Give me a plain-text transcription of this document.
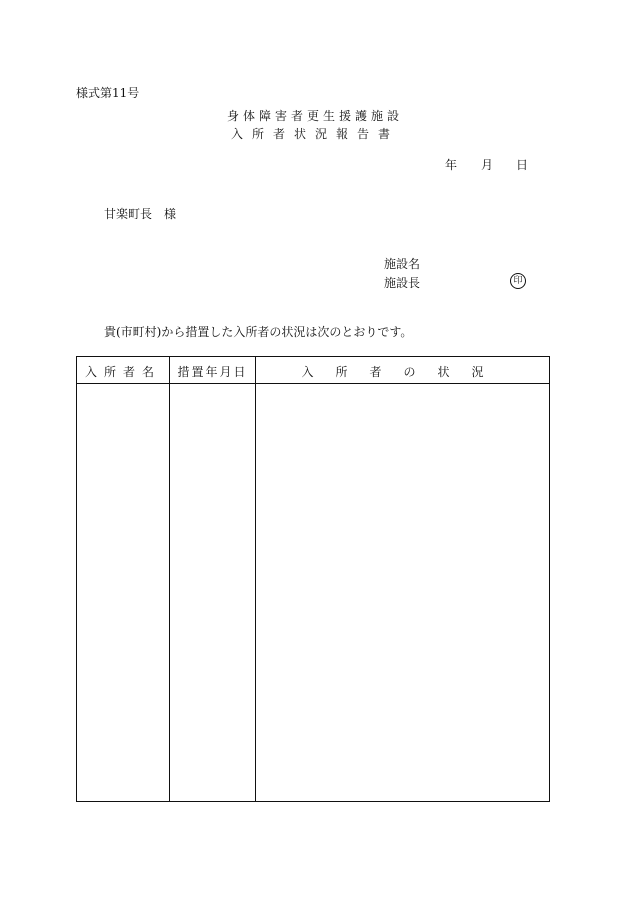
様式第11号
身体障害者更生援護施設
入所者状況報告書
年 月 日
甘楽町長　様
施設名
施設長	印
貴(市町村)から措置した入所者の状況は次のとおりです。
入所者名	措置年月日	入所者の状況
